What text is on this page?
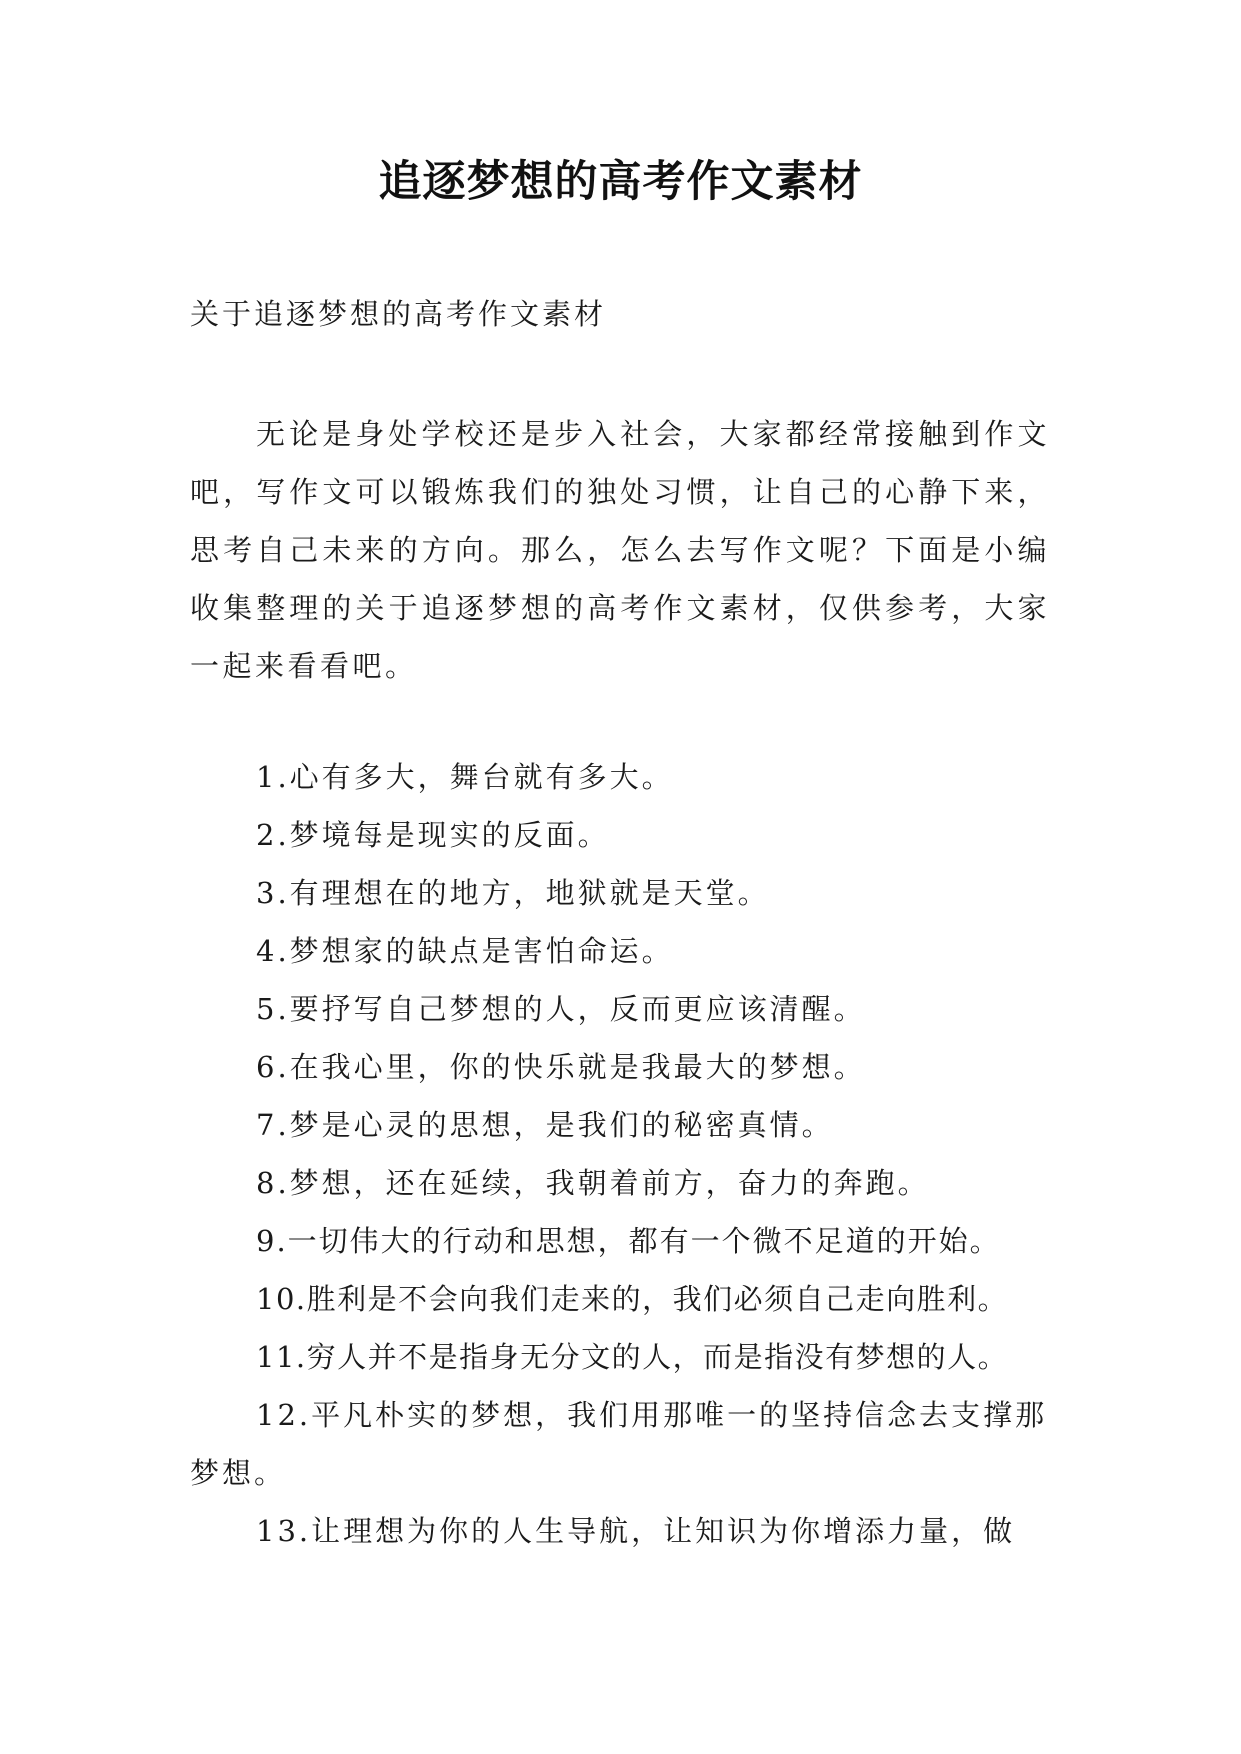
追逐梦想的高考作文素材

关于追逐梦想的高考作文素材

无论是身处学校还是步入社会，大家都经常接触到作文吧，写作文可以锻炼我们的独处习惯，让自己的心静下来，思考自己未来的方向。那么，怎么去写作文呢？下面是小编收集整理的关于追逐梦想的高考作文素材，仅供参考，大家一起来看看吧。

1.心有多大，舞台就有多大。
2.梦境每是现实的反面。
3.有理想在的地方，地狱就是天堂。
4.梦想家的缺点是害怕命运。
5.要抒写自己梦想的人，反而更应该清醒。
6.在我心里，你的快乐就是我最大的梦想。
7.梦是心灵的思想，是我们的秘密真情。
8.梦想，还在延续，我朝着前方，奋力的奔跑。
9.一切伟大的行动和思想，都有一个微不足道的开始。
10.胜利是不会向我们走来的，我们必须自己走向胜利。
11.穷人并不是指身无分文的人，而是指没有梦想的人。
12.平凡朴实的梦想，我们用那唯一的坚持信念去支撑那梦想。
13.让理想为你的人生导航，让知识为你增添力量，做
